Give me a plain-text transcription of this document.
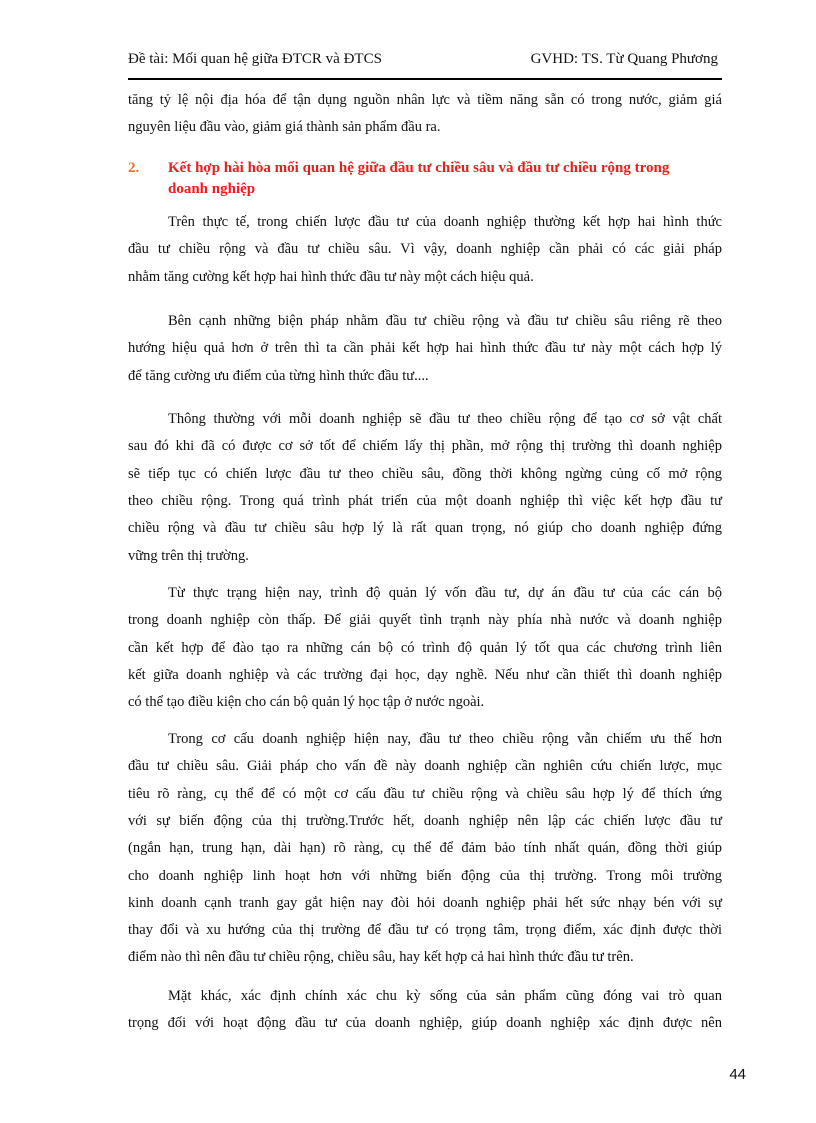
Đề tài: Mối quan hệ giữa ĐTCR và ĐTCS	GVHD: TS. Từ Quang Phương
2. Kết hợp hài hòa mối quan hệ giữa đầu tư chiều sâu và đầu tư chiều rộng trong
doanh nghiệp
tăng tỷ lệ nội địa hóa để tận dụng nguồn nhân lực và tiềm năng sẵn có trong nước, giảm giá
nguyên liệu đầu vào, giảm giá thành sản phẩm đầu ra.
Trên thực tế, trong chiến lược đầu tư của doanh nghiệp thường kết hợp hai hình thức
đầu tư chiều rộng và đầu tư chiều sâu. Vì vậy, doanh nghiệp cần phải có các giải pháp
nhằm tăng cường kết hợp hai hình thức đầu tư này một cách hiệu quả.
Bên cạnh những biện pháp nhằm đầu tư chiều rộng và đầu tư chiều sâu riêng rẽ theo
hướng hiệu quả hơn ở trên thì ta cần phải kết hợp hai hình thức đầu tư này một cách hợp lý
để tăng cường ưu điểm của từng hình thức đầu tư....
Thông thường với mỗi doanh nghiệp sẽ đầu tư theo chiều rộng để tạo cơ sở vật chất
sau đó khi đã có được cơ sở tốt để chiếm lấy thị phần, mở rộng thị trường thì doanh nghiệp
sẽ tiếp tục có chiến lược đầu tư theo chiều sâu, đồng thời không ngừng củng cố mở rộng
theo chiều rộng. Trong quá trình phát triển của một doanh nghiệp thì việc kết hợp đầu tư
chiều rộng và đầu tư chiều sâu hợp lý là rất quan trọng, nó giúp cho doanh nghiệp đứng
vững trên thị trường.
Từ thực trạng hiện nay, trình độ quản lý vốn đầu tư, dự án đầu tư của các cán bộ
trong doanh nghiệp còn thấp. Để giải quyết tình trạnh này phía nhà nước và doanh nghiệp
cần kết hợp để đào tạo ra những cán bộ có trình độ quản lý tốt qua các chương trình liên
kết giữa doanh nghiệp và các trường đại học, dạy nghề. Nếu như cần thiết thì doanh nghiệp
có thể tạo điều kiện cho cán bộ quản lý học tập ở nước ngoài.
Trong cơ cấu doanh nghiệp hiện nay, đầu tư theo chiều rộng vẫn chiếm ưu thế hơn
đầu tư chiều sâu. Giải pháp cho vấn đề này doanh nghiệp cần nghiên cứu chiến lược, mục
tiêu rõ ràng, cụ thể để có một cơ cấu đầu tư chiều rộng và chiều sâu hợp lý để thích ứng
với sự biến động của thị trường.Trước hết, doanh nghiệp nên lập các chiến lược đầu tư
(ngắn hạn, trung hạn, dài hạn) rõ ràng, cụ thể để đảm bảo tính nhất quán, đồng thời giúp
cho doanh nghiệp linh hoạt hơn với những biến động của thị trường. Trong môi trường
kinh doanh cạnh tranh gay gắt hiện nay đòi hỏi doanh nghiệp phải hết sức nhạy bén với sự
thay đổi và xu hướng của thị trường để đầu tư có trọng tâm, trọng điểm, xác định được thời
điểm nào thì nên đầu tư chiều rộng, chiều sâu, hay kết hợp cả hai hình thức đầu tư trên.
Mặt khác, xác định chính xác chu kỳ sống của sản phẩm cũng đóng vai trò quan
trọng đối với hoạt động đầu tư của doanh nghiệp, giúp doanh nghiệp xác định được nên
44
